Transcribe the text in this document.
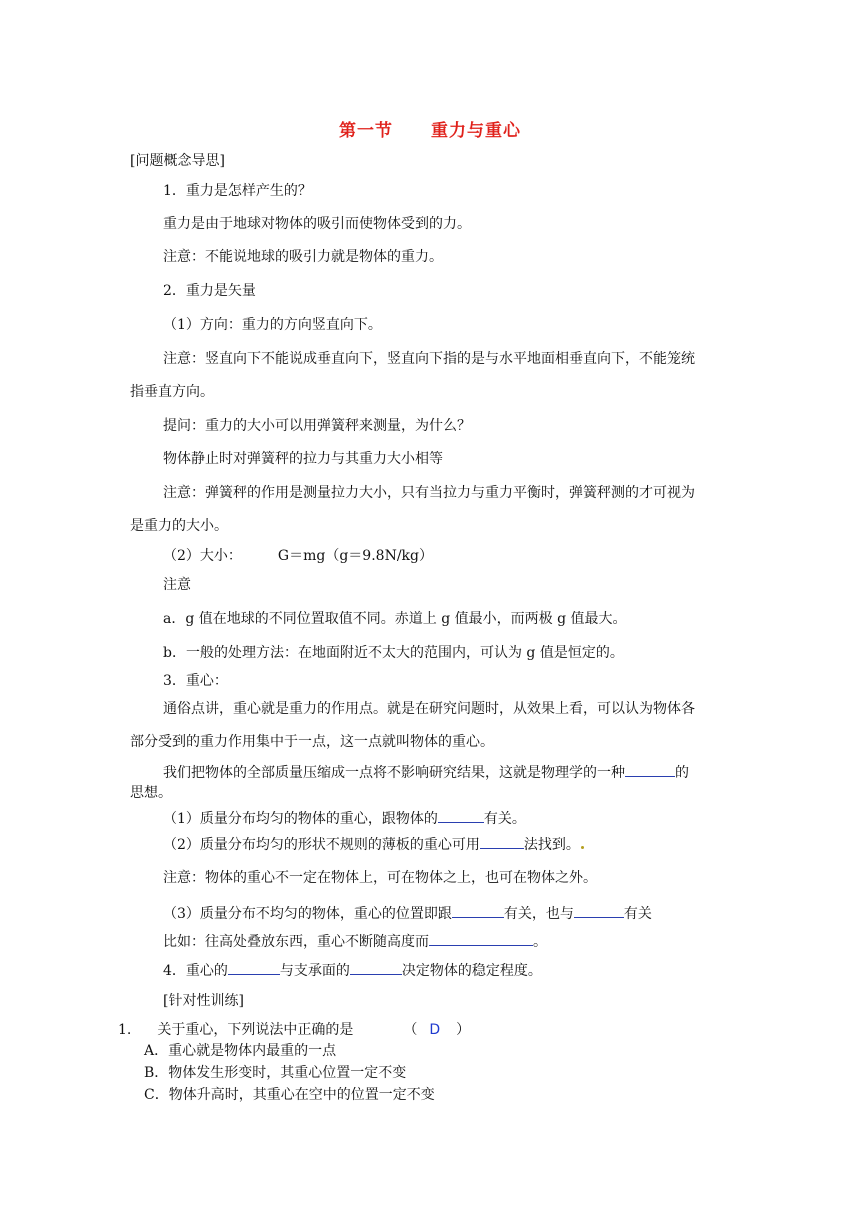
第一节 重力与重心
[问题概念导思]
1．重力是怎样产生的？
重力是由于地球对物体的吸引而使物体受到的力。
注意：不能说地球的吸引力就是物体的重力。
2．重力是矢量
（1）方向：重力的方向竖直向下。
注意：竖直向下不能说成垂直向下，竖直向下指的是与水平地面相垂直向下，不能笼统
指垂直方向。
提问：重力的大小可以用弹簧秤来测量，为什么？
物体静止时对弹簧秤的拉力与其重力大小相等
注意：弹簧秤的作用是测量拉力大小，只有当拉力与重力平衡时，弹簧秤测的才可视为
是重力的大小。
（2）大小：	G＝mg（g＝9.8N/kg）
注意
a．g 值在地球的不同位置取值不同。赤道上 g 值最小，而两极 g 值最大。
b．一般的处理方法：在地面附近不太大的范围内，可认为 g 值是恒定的。
3．重心：
通俗点讲，重心就是重力的作用点。就是在研究问题时，从效果上看，可以认为物体各
部分受到的重力作用集中于一点，这一点就叫物体的重心。
我们把物体的全部质量压缩成一点将不影响研究结果，这就是物理学的一种	的
思想。
（1）质量分布均匀的物体的重心，跟物体的	有关。
（2）质量分布均匀的形状不规则的薄板的重心可用	法找到。
注意：物体的重心不一定在物体上，可在物体之上，也可在物体之外。
（3）质量分布不均匀的物体，重心的位置即跟	有关，也与	有关
比如：往高处叠放东西，重心不断随高度而	。
4．重心的	与支承面的	决定物体的稳定程度。
[针对性训练]
1. 关于重心，下列说法中正确的是	（ D ）
A．重心就是物体内最重的一点
B．物体发生形变时，其重心位置一定不变
C．物体升高时，其重心在空中的位置一定不变
